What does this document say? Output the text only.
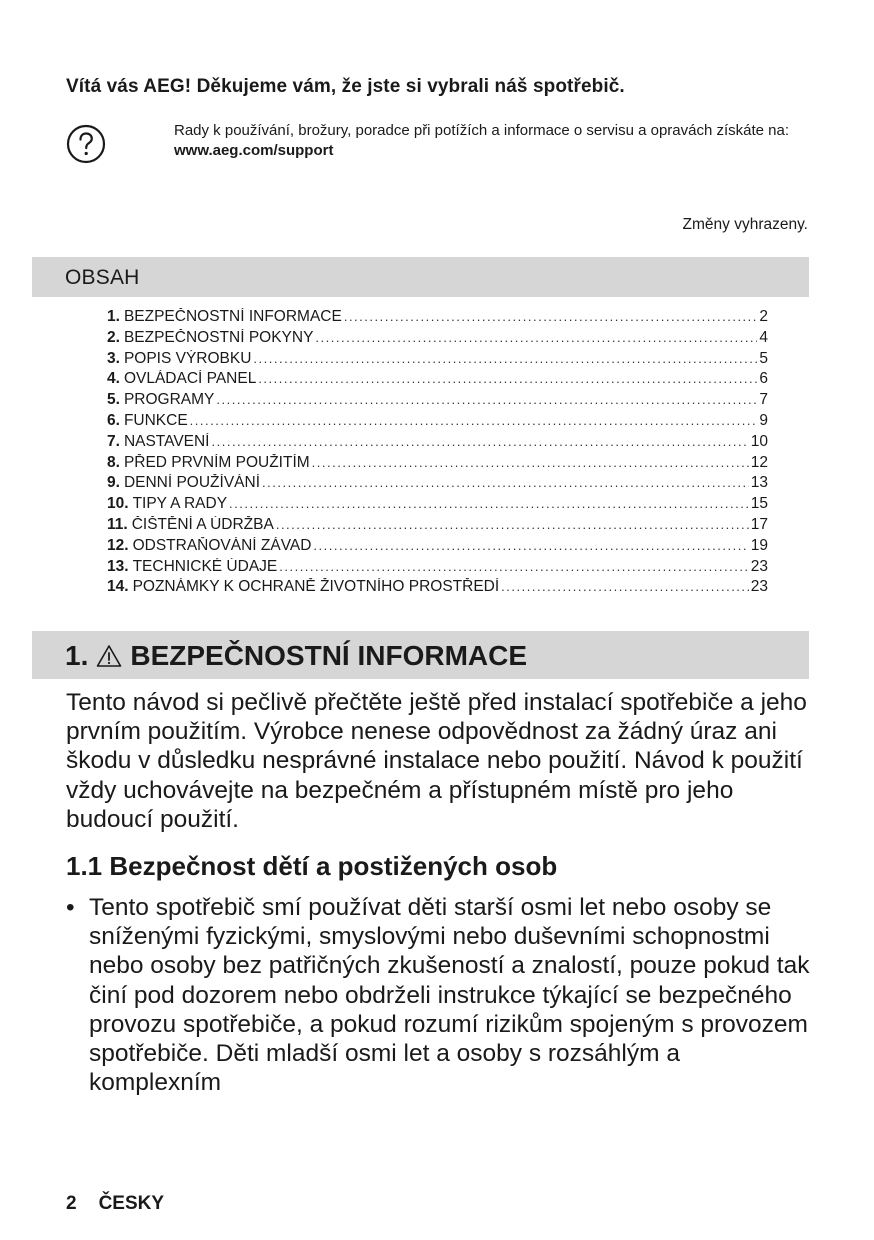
Vítá vás AEG! Děkujeme vám, že jste si vybrali náš spotřebič.
Rady k používání, brožury, poradce při potížích a informace o servisu a opravách získáte na:
www.aeg.com/support
Změny vyhrazeny.
OBSAH
1. BEZPEČNOSTNÍ INFORMACE .....	2
2. BEZPEČNOSTNÍ POKYNY .....	4
3. POPIS VÝROBKU .....	5
4. OVLÁDACÍ PANEL .....	6
5. PROGRAMY .....	7
6. FUNKCE .....	9
7. NASTAVENÍ .....	10
8. PŘED PRVNÍM POUŽITÍM .....	12
9. DENNÍ POUŽÍVÁNÍ .....	13
10. TIPY A RADY .....	15
11. ČIŠTĚNÍ A ÚDRŽBA .....	17
12. ODSTRAŇOVÁNÍ ZÁVAD .....	19
13. TECHNICKÉ ÚDAJE .....	23
14. POZNÁMKY K OCHRANĚ ŽIVOTNÍHO PROSTŘEDÍ .....	23
1. BEZPEČNOSTNÍ INFORMACE

Tento návod si pečlivě přečtěte ještě před instalací spotřebiče a jeho prvním použitím. Výrobce nenese odpovědnost za žádný úraz ani škodu v důsledku nesprávné instalace nebo použití. Návod k použití vždy uchovávejte na bezpečném a přístupném místě pro jeho budoucí použití.

1.1 Bezpečnost dětí a postižených osob
• Tento spotřebič smí používat děti starší osmi let nebo osoby se sníženými fyzickými, smyslovými nebo duševními schopnostmi nebo osoby bez patřičných zkušeností a znalostí, pouze pokud tak činí pod dozorem nebo obdrželi instrukce týkající se bezpečného provozu spotřebiče, a pokud rozumí rizikům spojeným s provozem spotřebiče. Děti mladší osmi let a osoby s rozsáhlým a komplexním
2 ČESKY
